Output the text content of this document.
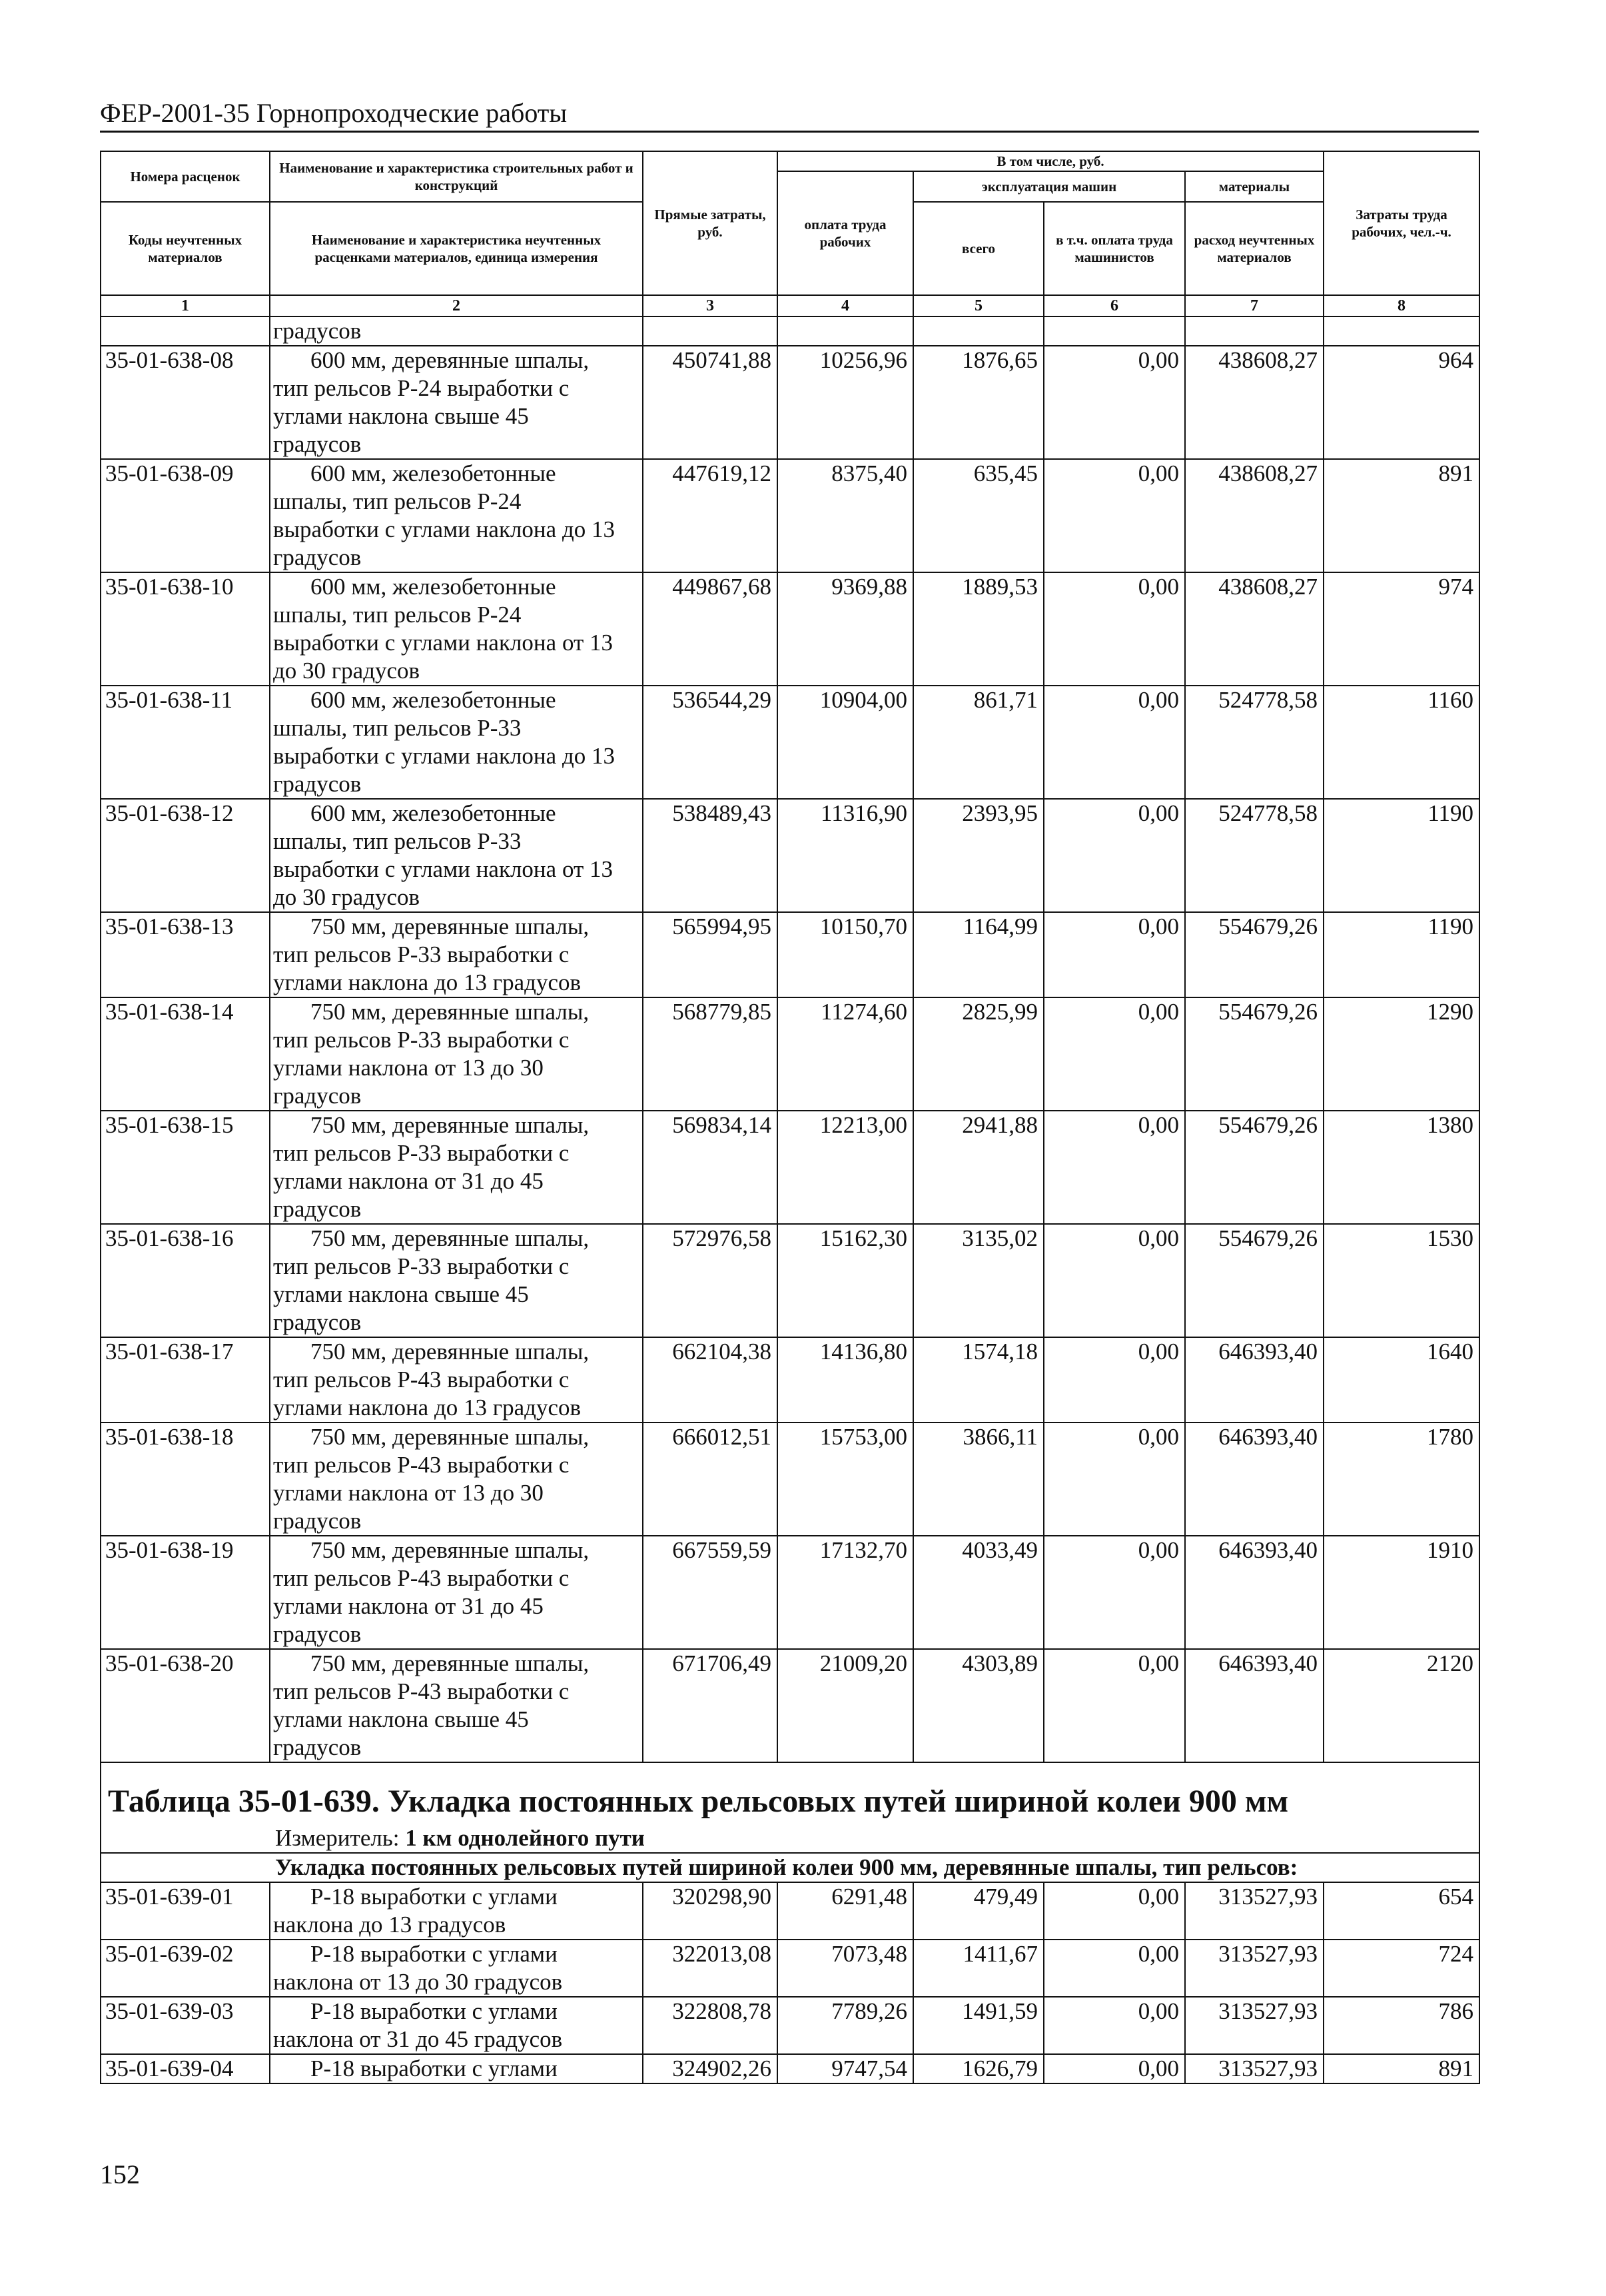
ФЕР-2001-35 Горнопроходческие работы
Номера расценок	Наименование и характеристика строительных работ и конструкций	Прямые затраты, руб.	В том числе, руб.				Затраты труда рабочих, чел.-ч.
			оплата труда рабочих	эксплуатация машин		материалы	
Коды неучтенных материалов	Наименование и характеристика неучтенных расценками материалов, единица измерения			всего	в т.ч. оплата труда машинистов	расход неучтенных материалов	

1	2	3	4	5	6	7	8
	градусов						
35-01-638-08	600 мм, деревянные шпалы,
тип рельсов Р-24 выработки с
углами наклона свыше 45
градусов	450741,88	10256,96	1876,65	0,00	438608,27	964
35-01-638-09	600 мм, железобетонные
шпалы, тип рельсов Р-24
выработки с углами наклона до 13
градусов	447619,12	8375,40	635,45	0,00	438608,27	891
35-01-638-10	600 мм, железобетонные
шпалы, тип рельсов Р-24
выработки с углами наклона от 13
до 30 градусов	449867,68	9369,88	1889,53	0,00	438608,27	974
35-01-638-11	600 мм, железобетонные
шпалы, тип рельсов Р-33
выработки с углами наклона до 13
градусов	536544,29	10904,00	861,71	0,00	524778,58	1160
35-01-638-12	600 мм, железобетонные
шпалы, тип рельсов Р-33
выработки с углами наклона от 13
до 30 градусов	538489,43	11316,90	2393,95	0,00	524778,58	1190
35-01-638-13	750 мм, деревянные шпалы,
тип рельсов Р-33 выработки с
углами наклона до 13 градусов	565994,95	10150,70	1164,99	0,00	554679,26	1190
35-01-638-14	750 мм, деревянные шпалы,
тип рельсов Р-33 выработки с
углами наклона от 13 до 30
градусов	568779,85	11274,60	2825,99	0,00	554679,26	1290
35-01-638-15	750 мм, деревянные шпалы,
тип рельсов Р-33 выработки с
углами наклона от 31 до 45
градусов	569834,14	12213,00	2941,88	0,00	554679,26	1380
35-01-638-16	750 мм, деревянные шпалы,
тип рельсов Р-33 выработки с
углами наклона свыше 45
градусов	572976,58	15162,30	3135,02	0,00	554679,26	1530
35-01-638-17	750 мм, деревянные шпалы,
тип рельсов Р-43 выработки с
углами наклона до 13 градусов	662104,38	14136,80	1574,18	0,00	646393,40	1640
35-01-638-18	750 мм, деревянные шпалы,
тип рельсов Р-43 выработки с
углами наклона от 13 до 30
градусов	666012,51	15753,00	3866,11	0,00	646393,40	1780
35-01-638-19	750 мм, деревянные шпалы,
тип рельсов Р-43 выработки с
углами наклона от 31 до 45
градусов	667559,59	17132,70	4033,49	0,00	646393,40	1910
35-01-638-20	750 мм, деревянные шпалы,
тип рельсов Р-43 выработки с
углами наклона свыше 45
градусов	671706,49	21009,20	4303,89	0,00	646393,40	2120
Таблица 35-01-639. Укладка постоянных рельсовых путей шириной колеи 900 мм							
	Измеритель: 1 км однолейного пути						
	Укладка постоянных рельсовых путей шириной колеи 900 мм, деревянные шпалы, тип рельсов:						
35-01-639-01	Р-18 выработки с углами
наклона до 13 градусов	320298,90	6291,48	479,49	0,00	313527,93	654
35-01-639-02	Р-18 выработки с углами
наклона от 13 до 30 градусов	322013,08	7073,48	1411,67	0,00	313527,93	724
35-01-639-03	Р-18 выработки с углами
наклона от 31 до 45 градусов	322808,78	7789,26	1491,59	0,00	313527,93	786
35-01-639-04	Р-18 выработки с углами	324902,26	9747,54	1626,79	0,00	313527,93	891
152
